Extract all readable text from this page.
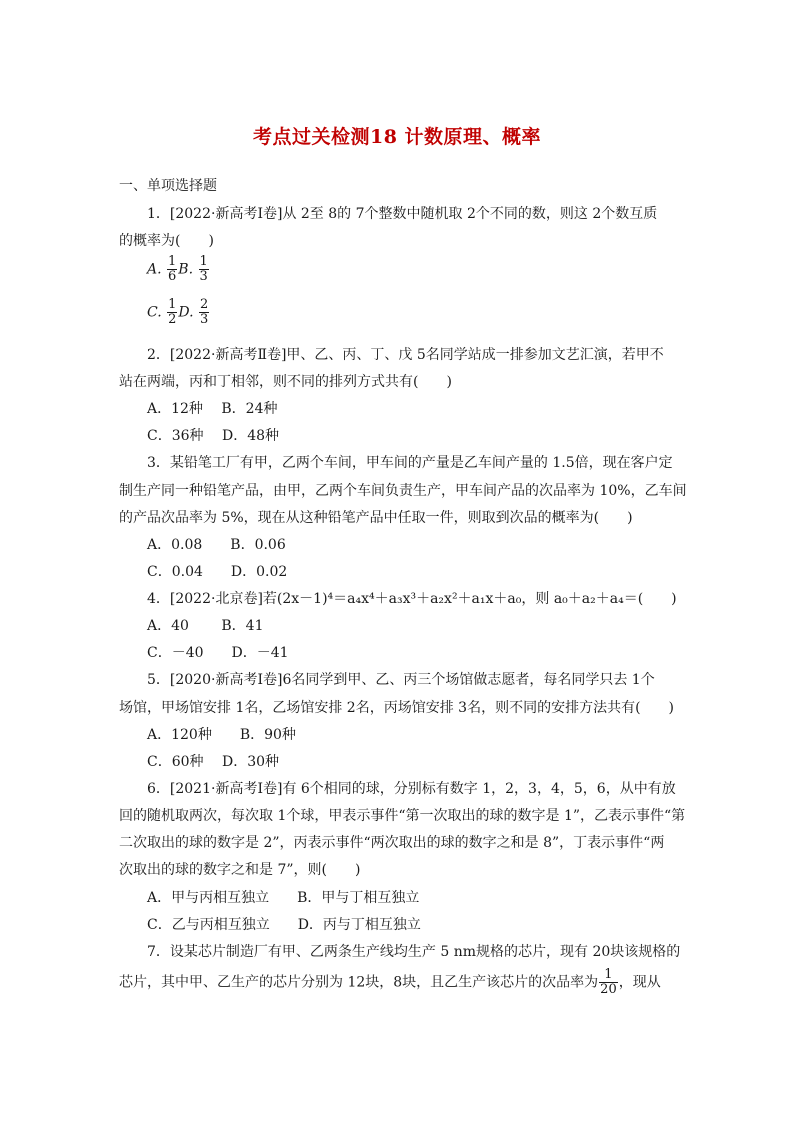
考点过关检测18 计数原理、概率
一、单项选择题
1．[2022·新高考Ⅰ卷]从 2至 8的 7个整数中随机取 2个不同的数，则这 2个数互质
的概率为(　　)
A. $\frac{1}{6} B$. $\frac{1}{3}$
C. $\frac{1}{2} D$. $\frac{2}{3}$
2．[2022·新高考Ⅱ卷]甲、乙、丙、丁、戊 5名同学站成一排参加文艺汇演，若甲不
站在两端，丙和丁相邻，则不同的排列方式共有(　　)
A．12种　 B．24种
C．36种　 D．48种
3．某铅笔工厂有甲，乙两个车间，甲车间的产量是乙车间产量的 1.5倍，现在客户定
制生产同一种铅笔产品，由甲，乙两个车间负责生产，甲车间产品的次品率为 10%，乙车间
的产品次品率为 5%，现在从这种铅笔产品中任取一件，则取到次品的概率为(　　)
A．0.08　　B．0.06
C．0.04　　D．0.02
4．[2022·北京卷]若(2x－1)⁴＝a₄x⁴＋a₃x³＋a₂x²＋a₁x＋a₀，则 a₀＋a₂＋a₄＝(　　)
A．40　　 B．41
C．－40　　D．－41
5．[2020·新高考Ⅰ卷]6名同学到甲、乙、丙三个场馆做志愿者，每名同学只去 1个
场馆，甲场馆安排 1名，乙场馆安排 2名，丙场馆安排 3名，则不同的安排方法共有(　　)
A．120种　　B．90种
C．60种　 D．30种
6．[2021·新高考Ⅰ卷]有 6个相同的球，分别标有数字 1，2，3，4，5，6，从中有放
回的随机取两次，每次取 1个球，甲表示事件“第一次取出的球的数字是 1”，乙表示事件“第
二次取出的球的数字是 2”，丙表示事件“两次取出的球的数字之和是 8”，丁表示事件“两
次取出的球的数字之和是 7”，则(　　)
A．甲与丙相互独立　　B．甲与丁相互独立
C．乙与丙相互独立　　D．丙与丁相互独立
7．设某芯片制造厂有甲、乙两条生产线均生产 5 nm规格的芯片，现有 20块该规格的
芯片，其中甲、乙生产的芯片分别为 12块，8块，且乙生产该芯片的次品率为 $\frac{1}{20}$ ，现从
